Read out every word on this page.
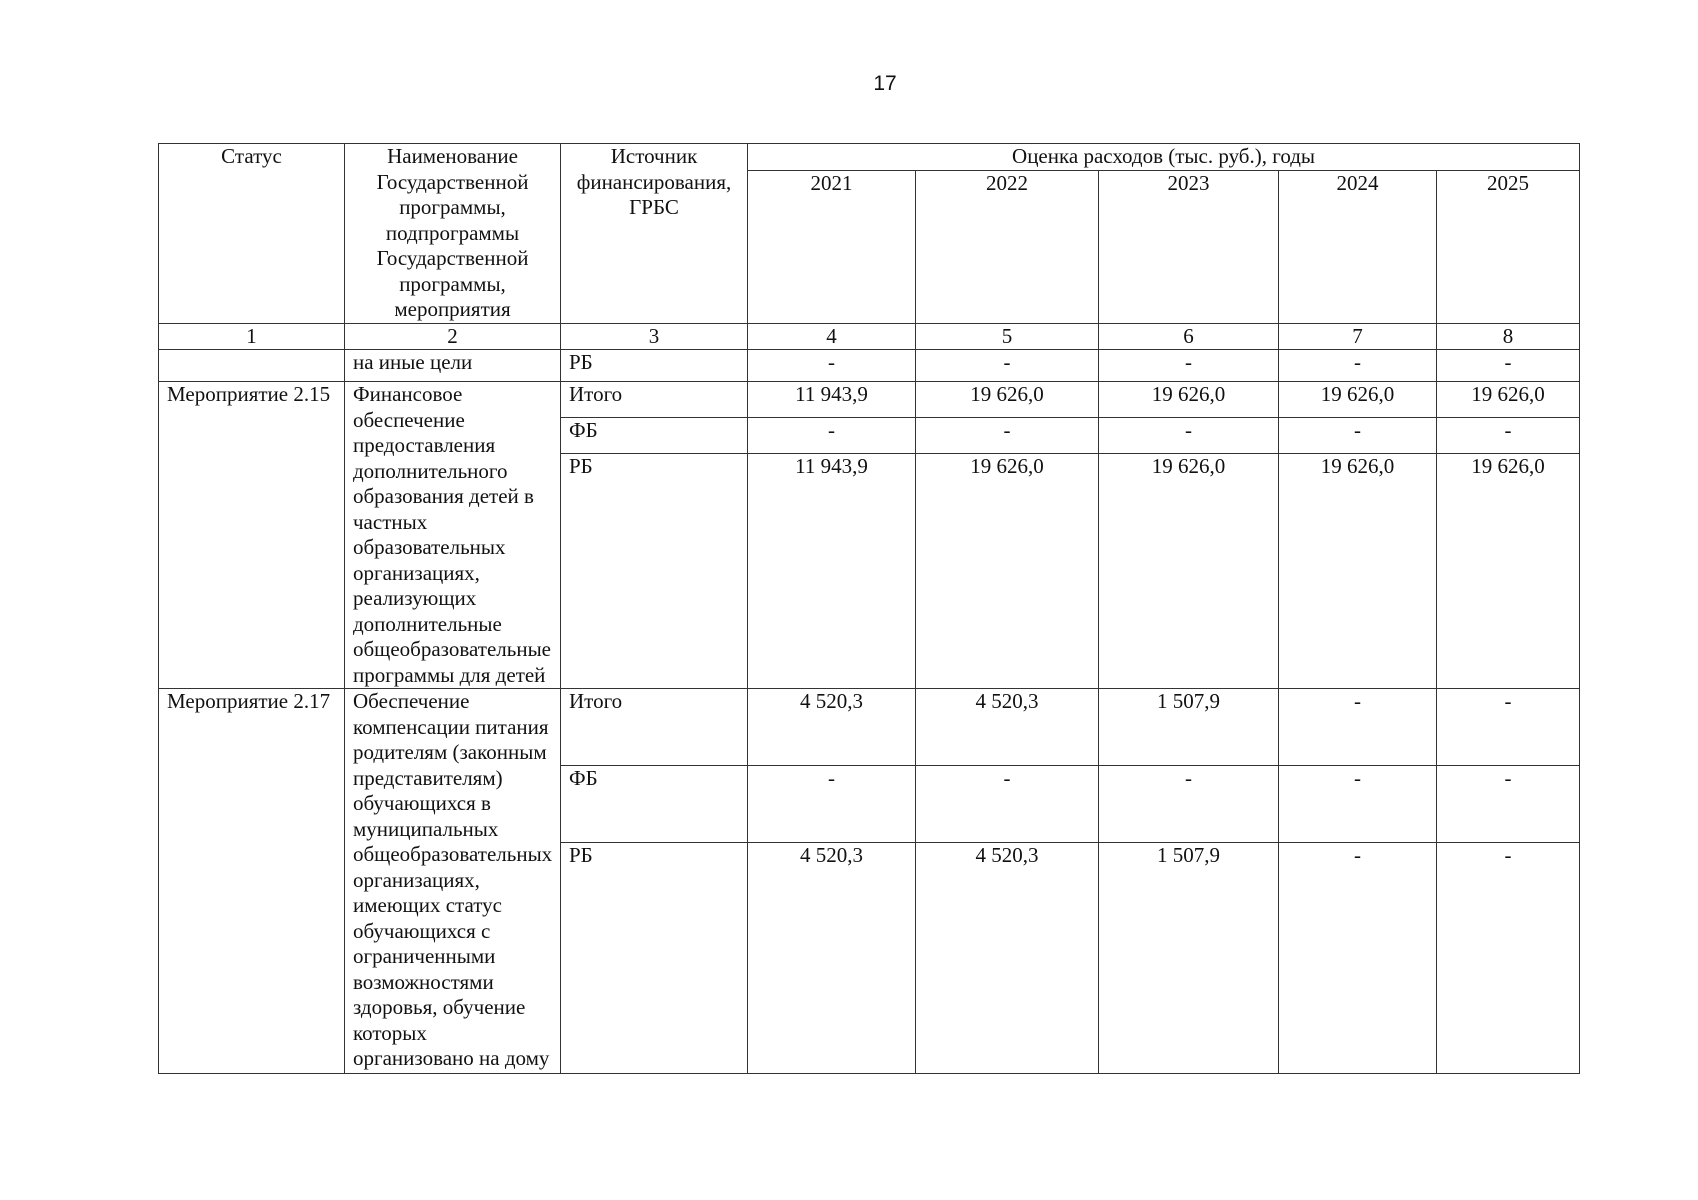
17
Статус	Наименование Государственной программы, подпрограммы Государственной программы, мероприятия	Источник финансирования, ГРБС	Оценка расходов (тыс. руб.), годы				
			2021	2022	2023	2024	2025
1	2	3	4	5	6	7	8
	на иные цели	РБ	-	-	-	-	-
Мероприятие 2.15	Финансовое обеспечение предоставления дополнительного образования детей в частных образовательных организациях, реализующих дополнительные общеобразовательные программы для детей	Итого	11 943,9	19 626,0	19 626,0	19 626,0	19 626,0
		ФБ	-	-	-	-	-
		РБ	11 943,9	19 626,0	19 626,0	19 626,0	19 626,0
Мероприятие 2.17	Обеспечение компенсации питания родителям (законным представителям) обучающихся в муниципальных общеобразовательных организациях, имеющих статус обучающихся с ограниченными возможностями здоровья, обучение которых организовано на дому	Итого	4 520,3	4 520,3	1 507,9	-	-
		ФБ	-	-	-	-	-
		РБ	4 520,3	4 520,3	1 507,9	-	-
